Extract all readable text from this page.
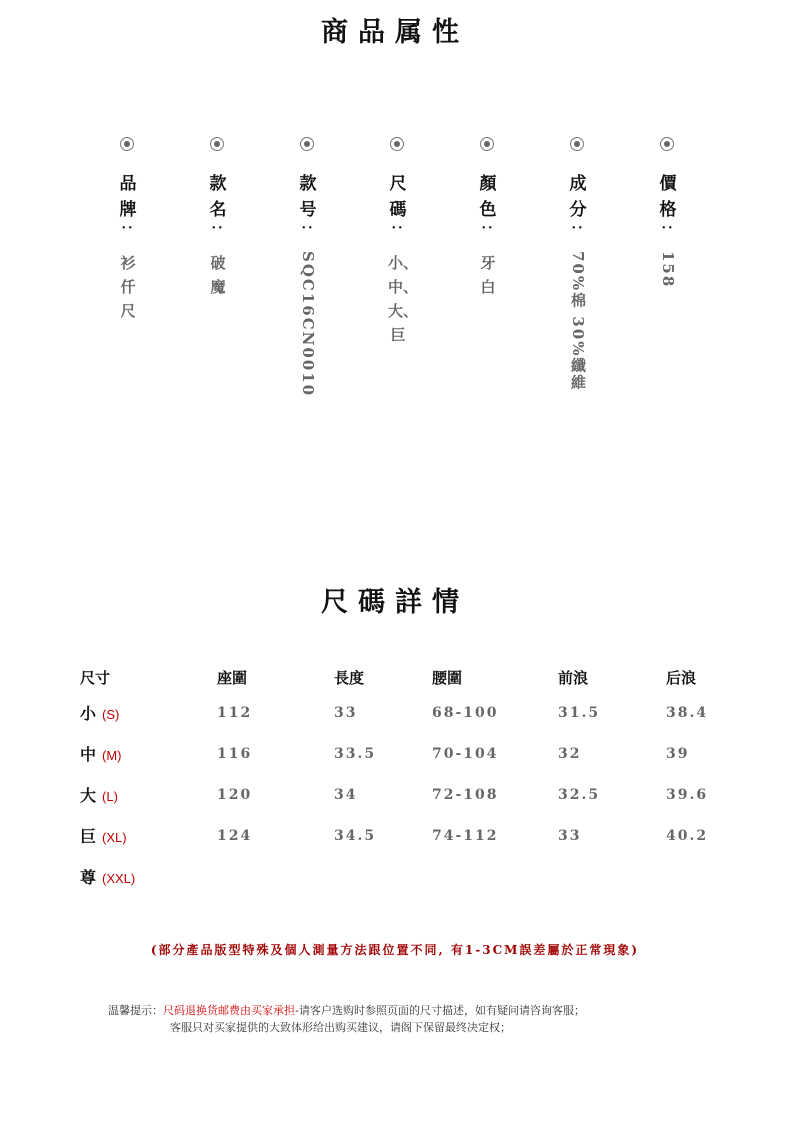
商品属性
品牌
··
衫仟尺
款名
··
破魔
款号
··
SQC16CN0010
尺碼
··
小、中、大、巨
顏色
··
牙白
成分
··
70%棉 30%纖維
價格
··
158
尺碼詳情
尺寸	座圍	長度	腰圍	前浪	后浪
小 (S)	112	33	68-100	31.5	38.4
中 (M)	116	33.5	70-104	32	39
大 (L)	120	34	72-108	32.5	39.6
巨 (XL)	124	34.5	74-112	33	40.2
尊 (XXL)					
(部分產品版型特殊及個人測量方法跟位置不同, 有1-3CM誤差屬於正常現象)
温馨提示：尺码退换货邮费由买家承担-请客户选购时参照页面的尺寸描述，如有疑问请咨询客服；
客服只对买家提供的大致体形给出购买建议，请阁下保留最终决定权；
